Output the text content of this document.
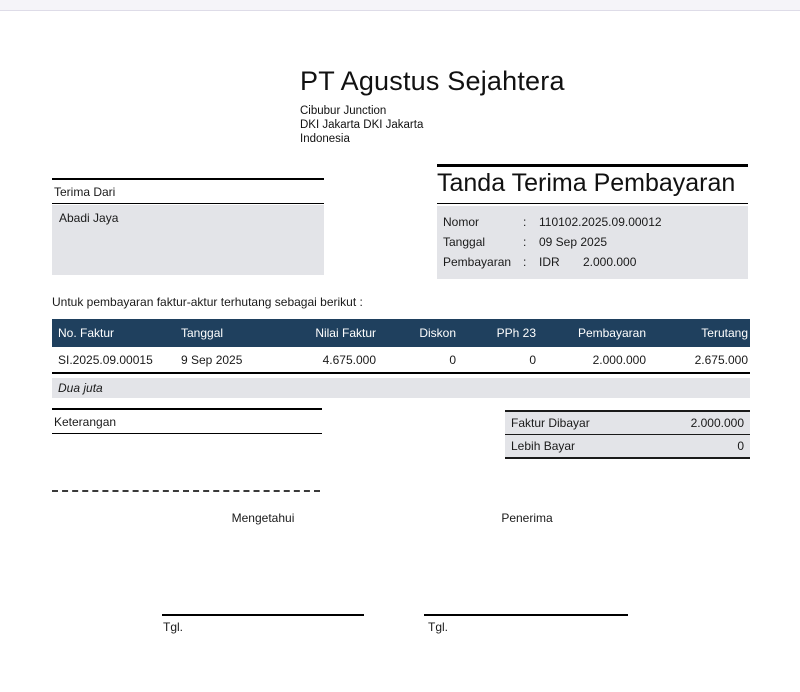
PT Agustus Sejahtera
Cibubur Junction
DKI Jakarta DKI Jakarta
Indonesia
Terima Dari
Abadi Jaya
Tanda Terima Pembayaran
Nomor	:	110102.2025.09.00012
Tanggal	:	09 Sep 2025
Pembayaran :	IDR	2.000.000
Untuk pembayaran faktur-aktur terhutang sebagai berikut :
No. Faktur	Tanggal	Nilai Faktur	Diskon	PPh 23	Pembayaran	Terutang
SI.2025.09.00015	9 Sep 2025	4.675.000	0	0	2.000.000	2.675.000
Dua juta
Keterangan	Faktur Dibayar	2.000.000
Lebih Bayar	0
Mengetahui	Penerima
Tgl.	Tgl.
